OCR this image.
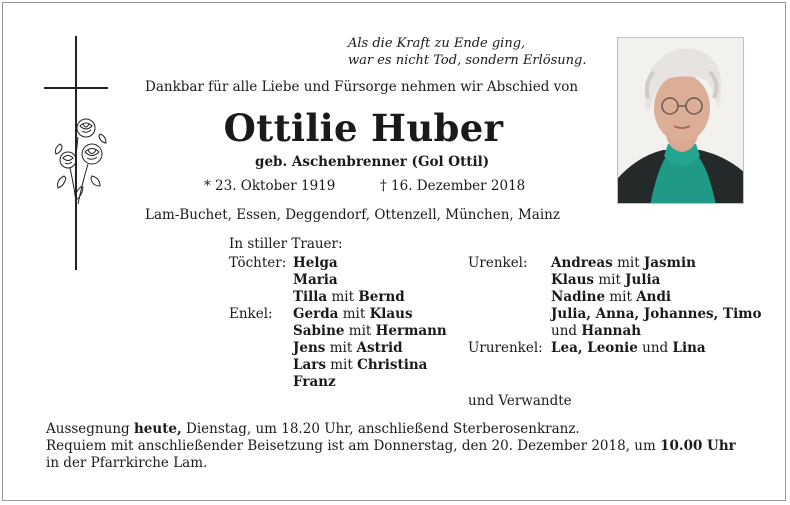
Als die Kraft zu Ende ging,
war es nicht Tod, sondern Erlösung.
Dankbar für alle Liebe und Fürsorge nehmen wir Abschied von
Ottilie Huber
geb. Aschenbrenner (Gol Ottil)
* 23. Oktober 1919	† 16. Dezember 2018
Lam-Buchet, Essen, Deggendorf, Ottenzell, München, Mainz
In stiller Trauer:
Töchter: Helga
Maria
Tilla mit Bernd
Enkel: Gerda mit Klaus
Sabine mit Hermann
Jens mit Astrid
Lars mit Christina
Franz
Urenkel: Andreas mit Jasmin
Klaus mit Julia
Nadine mit Andi
Julia, Anna, Johannes, Timo
und Hannah
Ururenkel: Lea, Leonie und Lina
und Verwandte
Aussegnung heute, Dienstag, um 18.20 Uhr, anschließend Sterberosenkranz.
Requiem mit anschließender Beisetzung ist am Donnerstag, den 20. Dezember 2018, um 10.00 Uhr
in der Pfarrkirche Lam.
